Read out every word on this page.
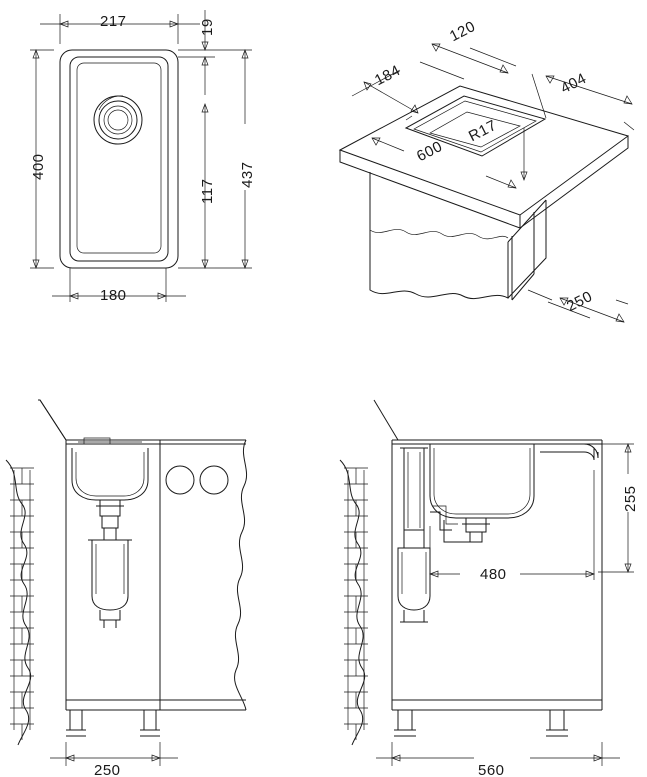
217
400
19
117
437
180
120
184	404
600
R17
250
250
255
480
560
